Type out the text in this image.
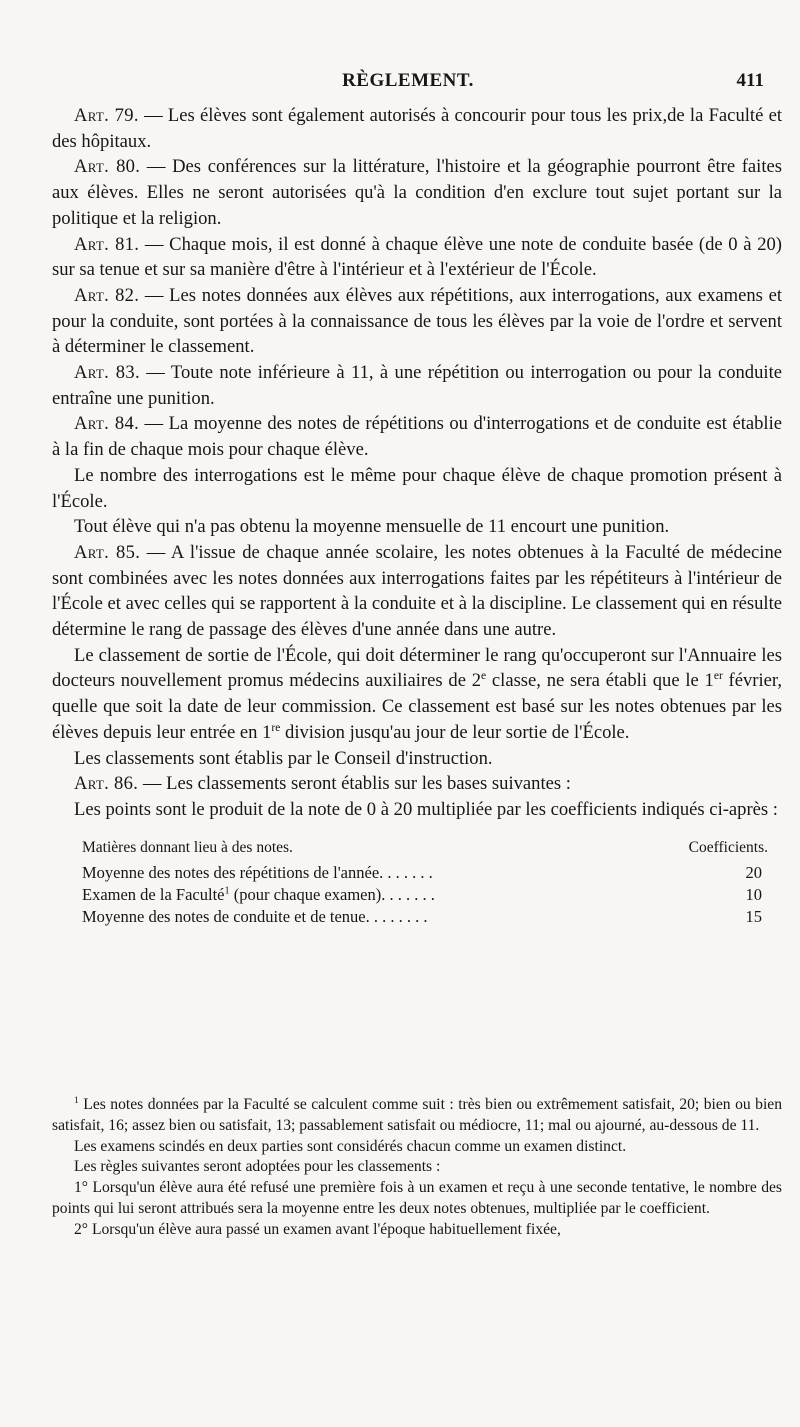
RÈGLEMENT.	411

Art. 79. — Les élèves sont également autorisés à concourir pour tous les prix,de la Faculté et des hôpitaux.

Art. 80. — Des conférences sur la littérature, l'histoire et la géographie pourront être faites aux élèves. Elles ne seront autorisées qu'à la condition d'en exclure tout sujet portant sur la politique et la religion.

Art. 81. — Chaque mois, il est donné à chaque élève une note de conduite basée (de 0 à 20) sur sa tenue et sur sa manière d'être à l'intérieur et à l'extérieur de l'École.

Art. 82. — Les notes données aux élèves aux répétitions, aux interrogations, aux examens et pour la conduite, sont portées à la connaissance de tous les élèves par la voie de l'ordre et servent à déterminer le classement.

Art. 83. — Toute note inférieure à 11, à une répétition ou interrogation ou pour la conduite entraîne une punition.

Art. 84. — La moyenne des notes de répétitions ou d'interrogations et de conduite est établie à la fin de chaque mois pour chaque élève.

Le nombre des interrogations est le même pour chaque élève de chaque promotion présent à l'École.

Tout élève qui n'a pas obtenu la moyenne mensuelle de 11 encourt une punition.

Art. 85. — A l'issue de chaque année scolaire, les notes obtenues à la Faculté de médecine sont combinées avec les notes données aux interrogations faites par les répétiteurs à l'intérieur de l'École et avec celles qui se rapportent à la conduite et à la discipline. Le classement qui en résulte détermine le rang de passage des élèves d'une année dans une autre.

Le classement de sortie de l'École, qui doit déterminer le rang qu'occuperont sur l'Annuaire les docteurs nouvellement promus médecins auxiliaires de 2e classe, ne sera établi que le 1er février, quelle que soit la date de leur commission. Ce classement est basé sur les notes obtenues par les élèves depuis leur entrée en 1re division jusqu'au jour de leur sortie de l'École.

Les classements sont établis par le Conseil d'instruction.

Art. 86. — Les classements seront établis sur les bases suivantes :

Les points sont le produit de la note de 0 à 20 multipliée par les coefficients indiqués ci-après :

Matières donnant lieu à des notes.	Coefficients.
Moyenne des notes des répétitions de l'année. . . . . . .	20
Examen de la Faculté$^1$ (pour chaque examen). . . . . . .	10
Moyenne des notes de conduite et de tenue. . . . . . . .	15

$^1$ Les notes données par la Faculté se calculent comme suit : très bien ou extrêmement satisfait, 20; bien ou bien satisfait, 16; assez bien ou satisfait, 13; passablement satisfait ou médiocre, 11; mal ou ajourné, au-dessous de 11.

Les examens scindés en deux parties sont considérés chacun comme un examen distinct.

Les règles suivantes seront adoptées pour les classements :

1° Lorsqu'un élève aura été refusé une première fois à un examen et reçu à une seconde tentative, le nombre des points qui lui seront attribués sera la moyenne entre les deux notes obtenues, multipliée par le coefficient.

2° Lorsqu'un élève aura passé un examen avant l'époque habituellement fixée,
